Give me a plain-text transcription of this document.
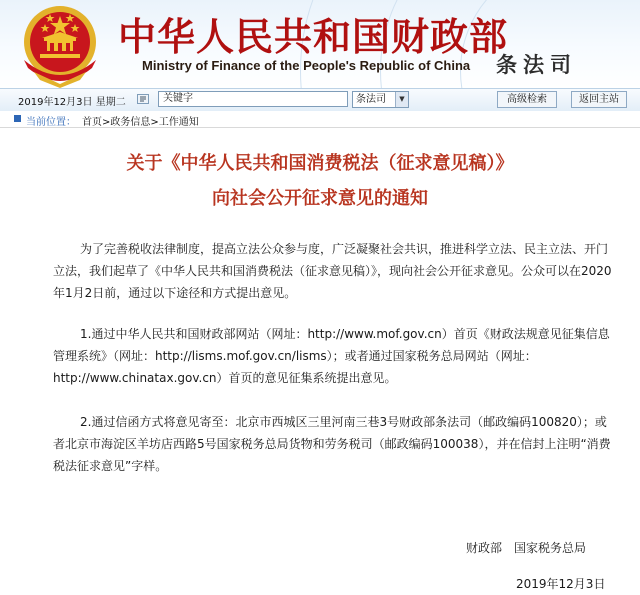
中华人民共和国财政部
Ministry of Finance of the People's Republic of China 条法司
2019年12月3日 星期二
关键字	条法司	▼	高级检索	返回主站
当前位置： 首页>政务信息>工作通知
关于《中华人民共和国消费税法（征求意见稿）》
向社会公开征求意见的通知

为了完善税收法律制度，提高立法公众参与度，广泛凝聚社会共识，推进科学立法、民主立法、开门立法，我们起草了《中华人民共和国消费税法（征求意见稿）》，现向社会公开征求意见。公众可以在2020年1月2日前，通过以下途径和方式提出意见。

1.通过中华人民共和国财政部网站（网址：http://www.mof.gov.cn）首页《财政法规意见征集信息管理系统》（网址：http://lisms.mof.gov.cn/lisms）；或者通过国家税务总局网站（网址：http://www.chinatax.gov.cn）首页的意见征集系统提出意见。

2.通过信函方式将意见寄至：北京市西城区三里河南三巷3号财政部条法司（邮政编码100820）；或者北京市海淀区羊坊店西路5号国家税务总局货物和劳务税司（邮政编码100038），并在信封上注明“消费税法征求意见”字样。

财政部　国家税务总局
2019年12月3日
